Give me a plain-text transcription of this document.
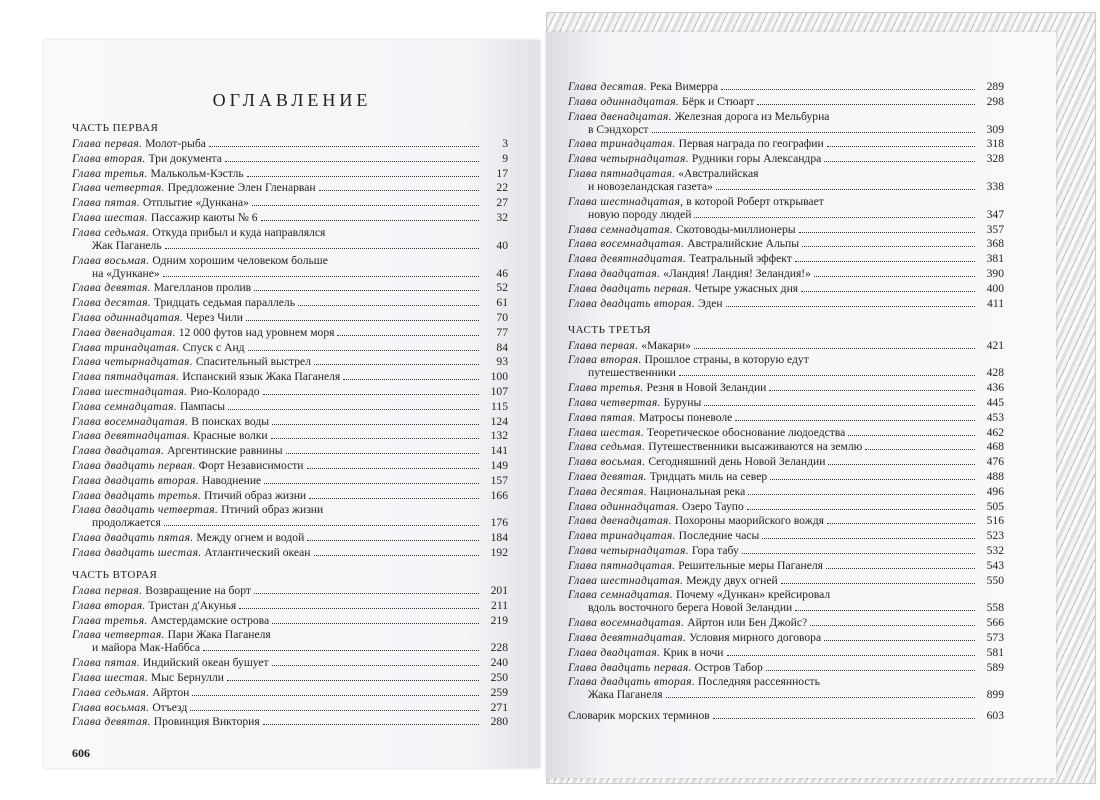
ОГЛАВЛЕНИЕ
ЧАСТЬ ПЕРВАЯ
Глава первая. Молот-рыба	3
Глава вторая. Три документа	9
Глава третья. Малькольм-Кэстль	17
Глава четвертая. Предложение Элен Гленарван	22
Глава пятая. Отплытие «Дункана»	27
Глава шестая. Пассажир каюты № 6	32
Глава седьмая. Откуда прибыл и куда направлялся
Жак Паганель	40
Глава восьмая. Одним хорошим человеком больше
на «Дункане»	46
Глава девятая. Магелланов пролив	52
Глава десятая. Тридцать седьмая параллель	61
Глава одиннадцатая. Через Чили	70
Глава двенадцатая. 12 000 футов над уровнем моря	77
Глава тринадцатая. Спуск с Анд	84
Глава четырнадцатая. Спасительный выстрел	93
Глава пятнадцатая. Испанский язык Жака Паганеля	100
Глава шестнадцатая. Рио-Колорадо	107
Глава семнадцатая. Пампасы	115
Глава восемнадцатая. В поисках воды	124
Глава девятнадцатая. Красные волки	132
Глава двадцатая. Аргентинские равнины	141
Глава двадцать первая. Форт Независимости	149
Глава двадцать вторая. Наводнение	157
Глава двадцать третья. Птичий образ жизни	166
Глава двадцать четвертая. Птичий образ жизни
продолжается	176
Глава двадцать пятая. Между огнем и водой	184
Глава двадцать шестая. Атлантический океан	192
ЧАСТЬ ВТОРАЯ
Глава первая. Возвращение на борт	201
Глава вторая. Тристан д'Акунья	211
Глава третья. Амстердамские острова	219
Глава четвертая. Пари Жака Паганеля
и майора Мак-Наббса	228
Глава пятая. Индийский океан бушует	240
Глава шестая. Мыс Бернулли	250
Глава седьмая. Айртон	259
Глава восьмая. Отъезд	271
Глава девятая. Провинция Виктория	280
606
Глава десятая. Река Вимерра	289
Глава одиннадцатая. Бёрк и Стюарт	298
Глава двенадцатая. Железная дорога из Мельбурна
в Сэндхорст	309
Глава тринадцатая. Первая награда по географии	318
Глава четырнадцатая. Рудники горы Александра	328
Глава пятнадцатая. «Австралийская
и новозеландская газета»	338
Глава шестнадцатая, в которой Роберт открывает
новую породу людей	347
Глава семнадцатая. Скотоводы-миллионеры	357
Глава восемнадцатая. Австралийские Альпы	368
Глава девятнадцатая. Театральный эффект	381
Глава двадцатая. «Ландия! Ландия! Зеландия!»	390
Глава двадцать первая. Четыре ужасных дня	400
Глава двадцать вторая. Эден	411
ЧАСТЬ ТРЕТЬЯ
Глава первая. «Макари»	421
Глава вторая. Прошлое страны, в которую едут
путешественники	428
Глава третья. Резня в Новой Зеландии	436
Глава четвертая. Буруны	445
Глава пятая. Матросы поневоле	453
Глава шестая. Теоретическое обоснование людоедства	462
Глава седьмая. Путешественники высаживаются на землю	468
Глава восьмая. Сегодняшний день Новой Зеландии	476
Глава девятая. Тридцать миль на север	488
Глава десятая. Национальная река	496
Глава одиннадцатая. Озеро Таупо	505
Глава двенадцатая. Похороны маорийского вождя	516
Глава тринадцатая. Последние часы	523
Глава четырнадцатая. Гора табу	532
Глава пятнадцатая. Решительные меры Паганеля	543
Глава шестнадцатая. Между двух огней	550
Глава семнадцатая. Почему «Дункан» крейсировал
вдоль восточного берега Новой Зеландии	558
Глава восемнадцатая. Айртон или Бен Джойс?	566
Глава девятнадцатая. Условия мирного договора	573
Глава двадцатая. Крик в ночи	581
Глава двадцать первая. Остров Табор	589
Глава двадцать вторая. Последняя рассеянность
Жака Паганеля	899
Словарик морских терминов	603
